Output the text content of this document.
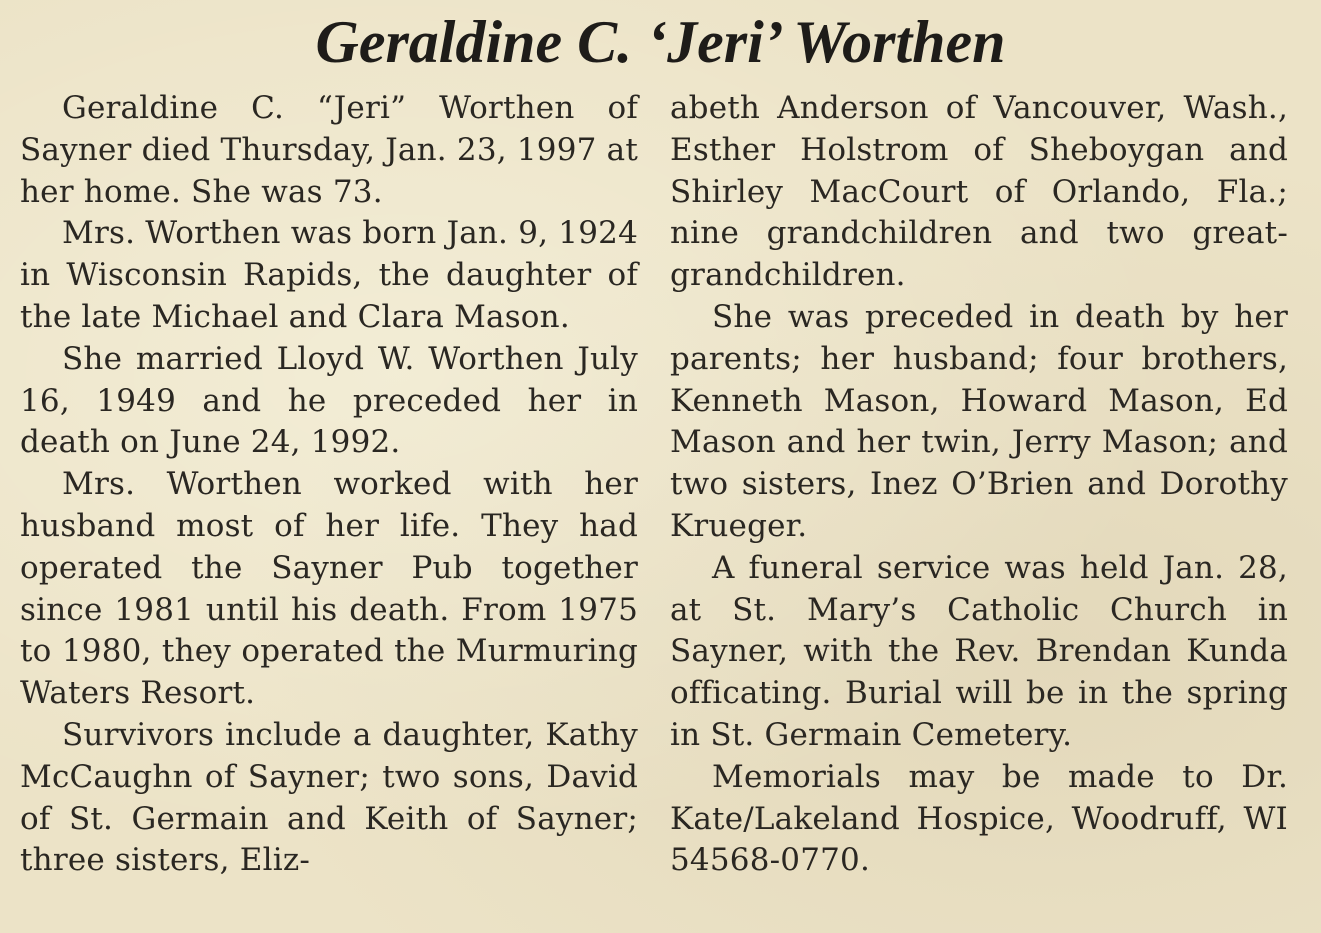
Geraldine C. ‘Jeri’ Worthen

Geraldine C. “Jeri” Worthen of Sayner died Thursday, Jan. 23, 1997 at her home. She was 73.

Mrs. Worthen was born Jan. 9, 1924 in Wisconsin Rapids, the daughter of the late Michael and Clara Mason.

She married Lloyd W. Worthen July 16, 1949 and he preceded her in death on June 24, 1992.

Mrs. Worthen worked with her husband most of her life. They had operated the Sayner Pub together since 1981 until his death. From 1975 to 1980, they operated the Murmuring Waters Resort.

Survivors include a daughter, Kathy McCaughn of Sayner; two sons, David of St. Germain and Keith of Sayner; three sisters, Eliz-

abeth Anderson of Vancouver, Wash., Esther Holstrom of Sheboygan and Shirley MacCourt of Orlando, Fla.; nine grandchildren and two great-grandchildren.

She was preceded in death by her parents; her husband; four brothers, Kenneth Mason, Howard Mason, Ed Mason and her twin, Jerry Mason; and two sisters, Inez O’Brien and Dorothy Krueger.

A funeral service was held Jan. 28, at St. Mary’s Catholic Church in Sayner, with the Rev. Brendan Kunda officating. Burial will be in the spring in St. Germain Cemetery.

Memorials may be made to Dr. Kate/Lakeland Hospice, Woodruff, WI 54568-0770.
